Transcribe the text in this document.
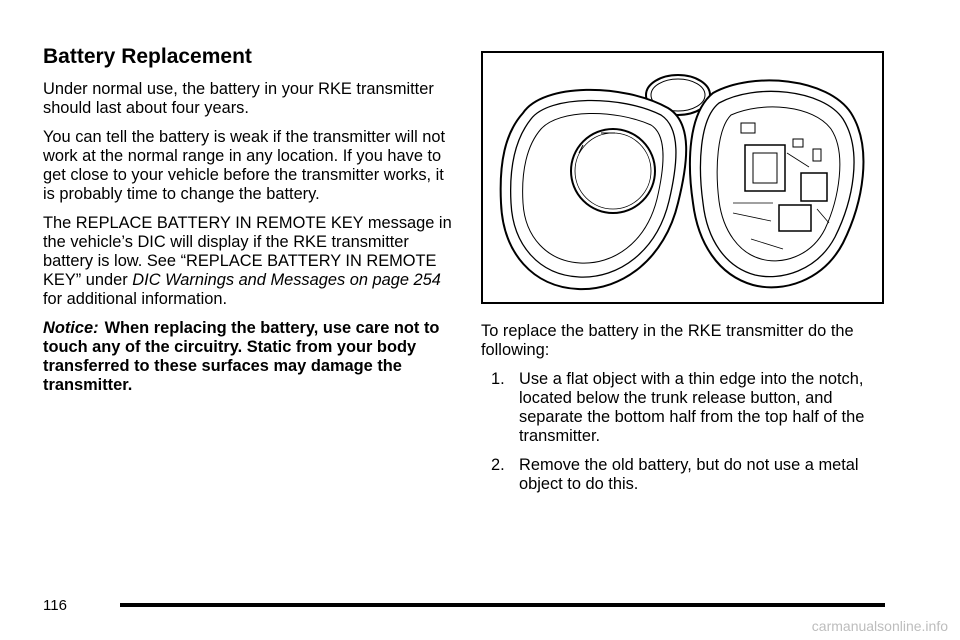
Battery Replacement

Under normal use, the battery in your RKE transmitter should last about four years.

You can tell the battery is weak if the transmitter will not work at the normal range in any location. If you have to get close to your vehicle before the transmitter works, it is probably time to change the battery.

The REPLACE BATTERY IN REMOTE KEY message in the vehicle’s DIC will display if the RKE transmitter battery is low. See “REPLACE BATTERY IN REMOTE KEY” under DIC Warnings and Messages on page 254 for additional information.

Notice: When replacing the battery, use care not to touch any of the circuitry. Static from your body transferred to these surfaces may damage the transmitter.

To replace the battery in the RKE transmitter do the following:

1. Use a flat object with a thin edge into the notch, located below the trunk release button, and separate the bottom half from the top half of the transmitter.
2. Remove the old battery, but do not use a metal object to do this.
116
carmanualsonline.info
